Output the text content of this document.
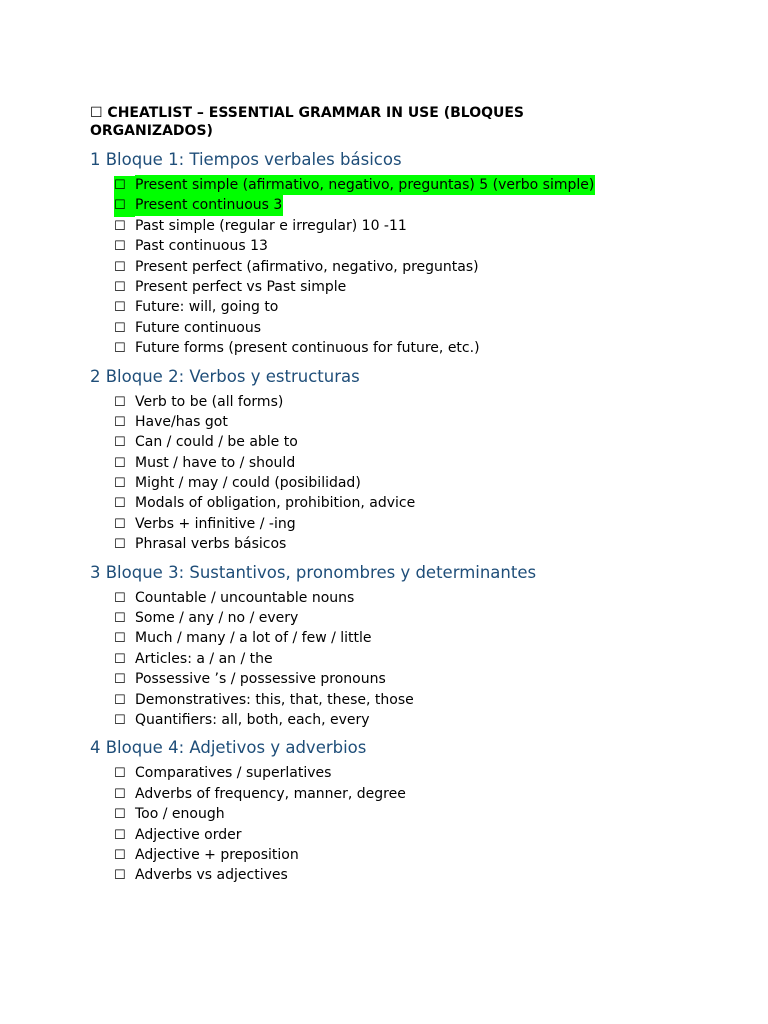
☐ CHEATLIST – ESSENTIAL GRAMMAR IN USE (BLOQUES ORGANIZADOS)
1 Bloque 1: Tiempos verbales básicos
☐ Present simple (afirmativo, negativo, preguntas) 5 (verbo simple)
☐ Present continuous 3
☐ Past simple (regular e irregular) 10 -11
☐ Past continuous 13
☐ Present perfect (afirmativo, negativo, preguntas)
☐ Present perfect vs Past simple
☐ Future: will, going to
☐ Future continuous
☐ Future forms (present continuous for future, etc.)
2 Bloque 2: Verbos y estructuras
☐ Verb to be (all forms)
☐ Have/has got
☐ Can / could / be able to
☐ Must / have to / should
☐ Might / may / could (posibilidad)
☐ Modals of obligation, prohibition, advice
☐ Verbs + infinitive / -ing
☐ Phrasal verbs básicos
3 Bloque 3: Sustantivos, pronombres y determinantes
☐ Countable / uncountable nouns
☐ Some / any / no / every
☐ Much / many / a lot of / few / little
☐ Articles: a / an / the
☐ Possessive ’s / possessive pronouns
☐ Demonstratives: this, that, these, those
☐ Quantifiers: all, both, each, every
4 Bloque 4: Adjetivos y adverbios
☐ Comparatives / superlatives
☐ Adverbs of frequency, manner, degree
☐ Too / enough
☐ Adjective order
☐ Adjective + preposition
☐ Adverbs vs adjectives
